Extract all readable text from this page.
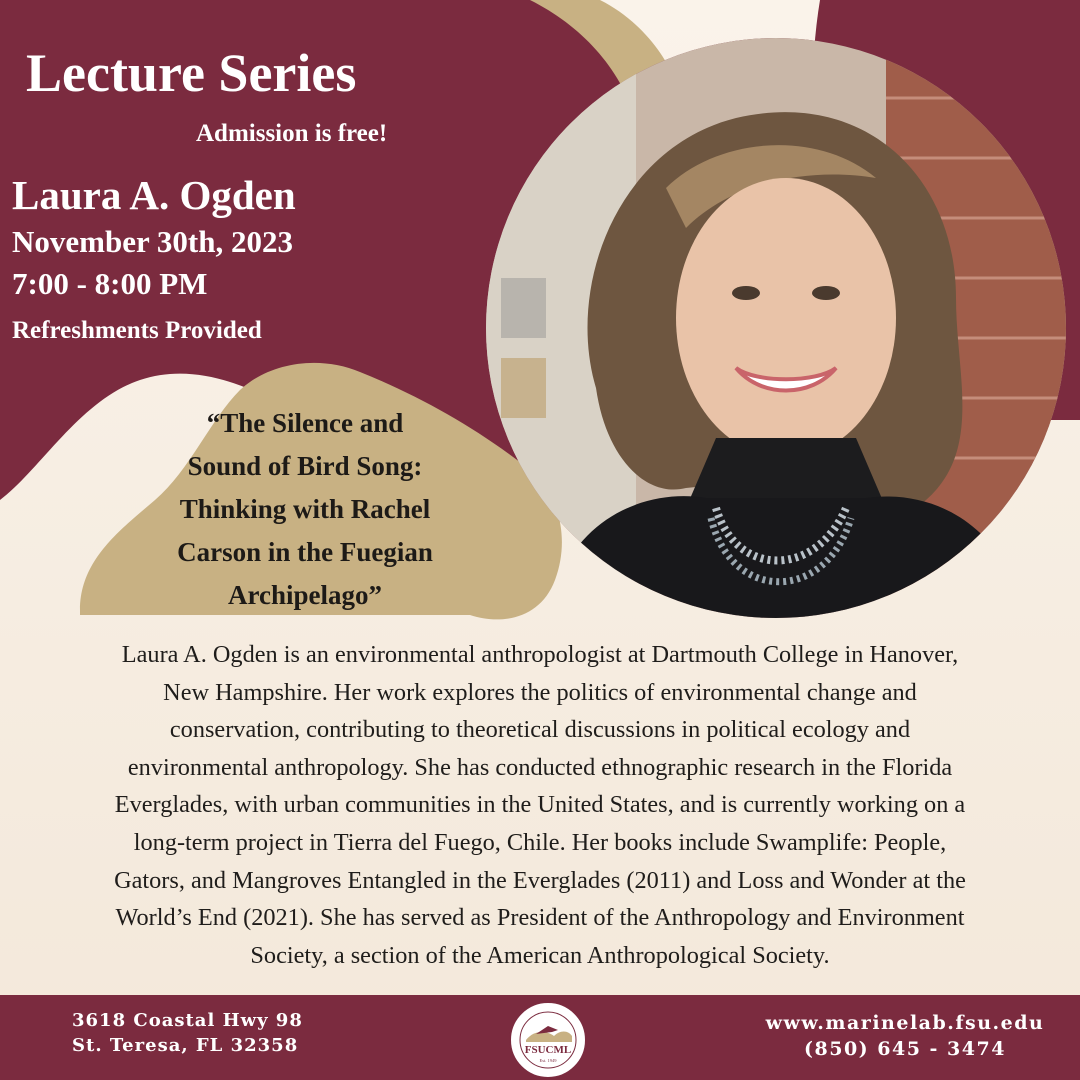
Lecture Series

Admission is free!

Laura A. Ogden

November 30th, 2023

7:00 - 8:00 PM

Refreshments Provided

“The Silence and
Sound of Bird Song:
Thinking with Rachel
Carson in the Fuegian
Archipelago”
Laura A. Ogden is an environmental anthropologist at Dartmouth College in Hanover,
New Hampshire. Her work explores the politics of environmental change and
conservation, contributing to theoretical discussions in political ecology and
environmental anthropology. She has conducted ethnographic research in the Florida
Everglades, with urban communities in the United States, and is currently working on a
long-term project in Tierra del Fuego, Chile. Her books include Swamplife: People,
Gators, and Mangroves Entangled in the Everglades (2011) and Loss and Wonder at the
World’s End (2021). She has served as President of the Anthropology and Environment
Society, a section of the American Anthropological Society.
3618 Coastal Hwy 98
St. Teresa, FL 32358
www.marinelab.fsu.edu
(850) 645 - 3474
FSUCML
Est. 1949
